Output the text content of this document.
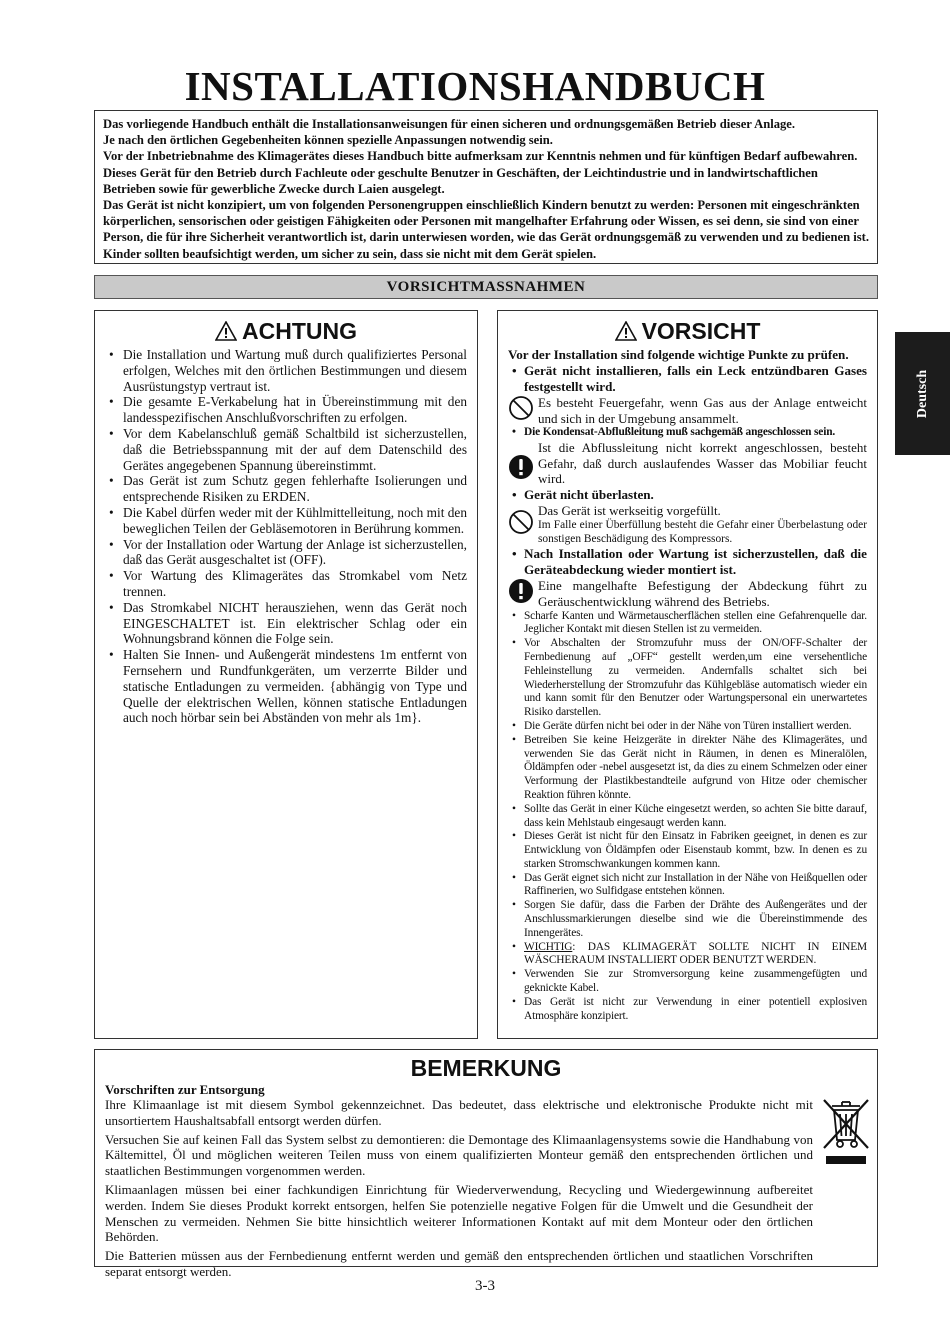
INSTALLATIONSHANDBUCH

Das vorliegende Handbuch enthält die Installationsanweisungen für einen sicheren und ordnungsgemäßen Betrieb dieser Anlage.

Je nach den örtlichen Gegebenheiten können spezielle Anpassungen notwendig sein.

Vor der Inbetriebnahme des Klimagerätes dieses Handbuch bitte aufmerksam zur Kenntnis nehmen und für künftigen Bedarf aufbewahren.

Dieses Gerät für den Betrieb durch Fachleute oder geschulte Benutzer in Geschäften, der Leichtindustrie und in landwirtschaftlichen Betrieben sowie für gewerbliche Zwecke durch Laien ausgelegt.

Das Gerät ist nicht konzipiert, um von folgenden Personengruppen einschließlich Kindern benutzt zu werden: Personen mit eingeschränkten körperlichen, sensorischen oder geistigen Fähigkeiten oder Personen mit mangelhafter Erfahrung oder Wissen, es sei denn, sie sind von einer Person, die für ihre Sicherheit verantwortlich ist, darin unterwiesen worden, wie das Gerät ordnungsgemäß zu verwenden und zu bedienen ist.

Kinder sollten beaufsichtigt werden, um sicher zu sein, dass sie nicht mit dem Gerät spielen.

VORSICHTMASSNAHMEN
Deutsch
ACHTUNG
• Die Installation und Wartung muß durch qualifiziertes Personal erfolgen, Welches mit den örtlichen Bestimmungen und diesem Ausrüstungstyp vertraut ist.
• Die gesamte E-Verkabelung hat in Übereinstimmung mit den landesspezifischen Anschlußvorschriften zu erfolgen.
• Vor dem Kabelanschluß gemäß Schaltbild ist sicherzustellen, daß die Betriebsspannung mit der auf dem Datenschild des Gerätes angegebenen Spannung übereinstimmt.
• Das Gerät ist zum Schutz gegen fehlerhafte Isolierungen und entsprechende Risiken zu ERDEN.
• Die Kabel dürfen weder mit der Kühlmittelleitung, noch mit den beweglichen Teilen der Gebläsemotoren in Berührung kommen.
• Vor der Installation oder Wartung der Anlage ist sicherzustellen, daß das Gerät ausgeschaltet ist (OFF).
• Vor Wartung des Klimagerätes das Stromkabel vom Netz trennen.
• Das Stromkabel NICHT herausziehen, wenn das Gerät noch EINGESCHALTET ist. Ein elektrischer Schlag oder ein Wohnungsbrand können die Folge sein.
• Halten Sie Innen- und Außengerät mindestens 1m entfernt von Fernsehern und Rundfunkgeräten, um verzerrte Bilder und statische Entladungen zu vermeiden. {abhängig von Type und Quelle der elektrischen Wellen, können statische Entladungen auch noch hörbar sein bei Abständen von mehr als 1m}.
VORSICHT
Vor der Installation sind folgende wichtige Punkte zu prüfen.
• Gerät nicht installieren, falls ein Leck entzündbaren Gases festgestellt wird.
Es besteht Feuergefahr, wenn Gas aus der Anlage entweicht und sich in der Umgebung ansammelt.
• Die Kondensat-Abflußleitung muß sachgemäß angeschlossen sein.
Ist die Abflussleitung nicht korrekt angeschlossen, besteht Gefahr, daß durch auslaufendes Wasser das Mobiliar feucht wird.
• Gerät nicht überlasten.
Das Gerät ist werkseitig vorgefüllt.
Im Falle einer Überfüllung besteht die Gefahr einer Überbelastung oder sonstigen Beschädigung des Kompressors.
• Nach Installation oder Wartung ist sicherzustellen, daß die Geräteabdeckung wieder montiert ist.
Eine mangelhafte Befestigung der Abdeckung führt zu Geräuschentwicklung während des Betriebs.
• Scharfe Kanten und Wärmetauscherflächen stellen eine Gefahrenquelle dar. Jeglicher Kontakt mit diesen Stellen ist zu vermeiden.
• Vor Abschalten der Stromzufuhr muss der ON/OFF-Schalter der Fernbedienung auf „OFF“ gestellt werden,um eine versehentliche Fehleinstellung zu vermeiden. Andernfalls schaltet sich bei Wiederherstellung der Stromzufuhr das Kühlgebläse automatisch wieder ein und kann somit für den Benutzer oder Wartungspersonal ein unerwartetes Risiko darstellen.
• Die Geräte dürfen nicht bei oder in der Nähe von Türen installiert werden.
• Betreiben Sie keine Heizgeräte in direkter Nähe des Klimagerätes, und verwenden Sie das Gerät nicht in Räumen, in denen es Mineralölen, Öldämpfen oder -nebel ausgesetzt ist, da dies zu einem Schmelzen oder einer Verformung der Plastikbestandteile aufgrund von Hitze oder chemischer Reaktion führen könnte.
• Sollte das Gerät in einer Küche eingesetzt werden, so achten Sie bitte darauf, dass kein Mehlstaub eingesaugt werden kann.
• Dieses Gerät ist nicht für den Einsatz in Fabriken geeignet, in denen es zur Entwicklung von Öldämpfen oder Eisenstaub kommt, bzw. In denen es zu starken Stromschwankungen kommen kann.
• Das Gerät eignet sich nicht zur Installation in der Nähe von Heißquellen oder Raffinerien, wo Sulfidgase entstehen können.
• Sorgen Sie dafür, dass die Farben der Drähte des Außengerätes und der Anschlussmarkierungen dieselbe sind wie die Übereinstimmende des Innengerätes.
• WICHTIG: DAS KLIMAGERÄT SOLLTE NICHT IN EINEM WÄSCHERAUM INSTALLIERT ODER BENUTZT WERDEN.
• Verwenden Sie zur Stromversorgung keine zusammengefügten und geknickte Kabel.
• Das Gerät ist nicht zur Verwendung in einer potentiell explosiven Atmosphäre konzipiert.
BEMERKUNG
Vorschriften zur Entsorgung

Ihre Klimaanlage ist mit diesem Symbol gekennzeichnet. Das bedeutet, dass elektrische und elektronische Produkte nicht mit unsortiertem Haushaltsabfall entsorgt werden dürfen.

Versuchen Sie auf keinen Fall das System selbst zu demontieren: die Demontage des Klimaanlagensystems sowie die Handhabung von Kältemittel, Öl und möglichen weiteren Teilen muss von einem qualifizierten Monteur gemäß den entsprechenden örtlichen und staatlichen Bestimmungen vorgenommen werden.

Klimaanlagen müssen bei einer fachkundigen Einrichtung für Wiederverwendung, Recycling und Wiedergewinnung aufbereitet werden. Indem Sie dieses Produkt korrekt entsorgen, helfen Sie potenzielle negative Folgen für die Umwelt und die Gesundheit der Menschen zu vermeiden. Nehmen Sie bitte hinsichtlich weiterer Informationen Kontakt auf mit dem Monteur oder den örtlichen Behörden.

Die Batterien müssen aus der Fernbedienung entfernt werden und gemäß den entsprechenden örtlichen und staatlichen Vorschriften separat entsorgt werden.

3-3
